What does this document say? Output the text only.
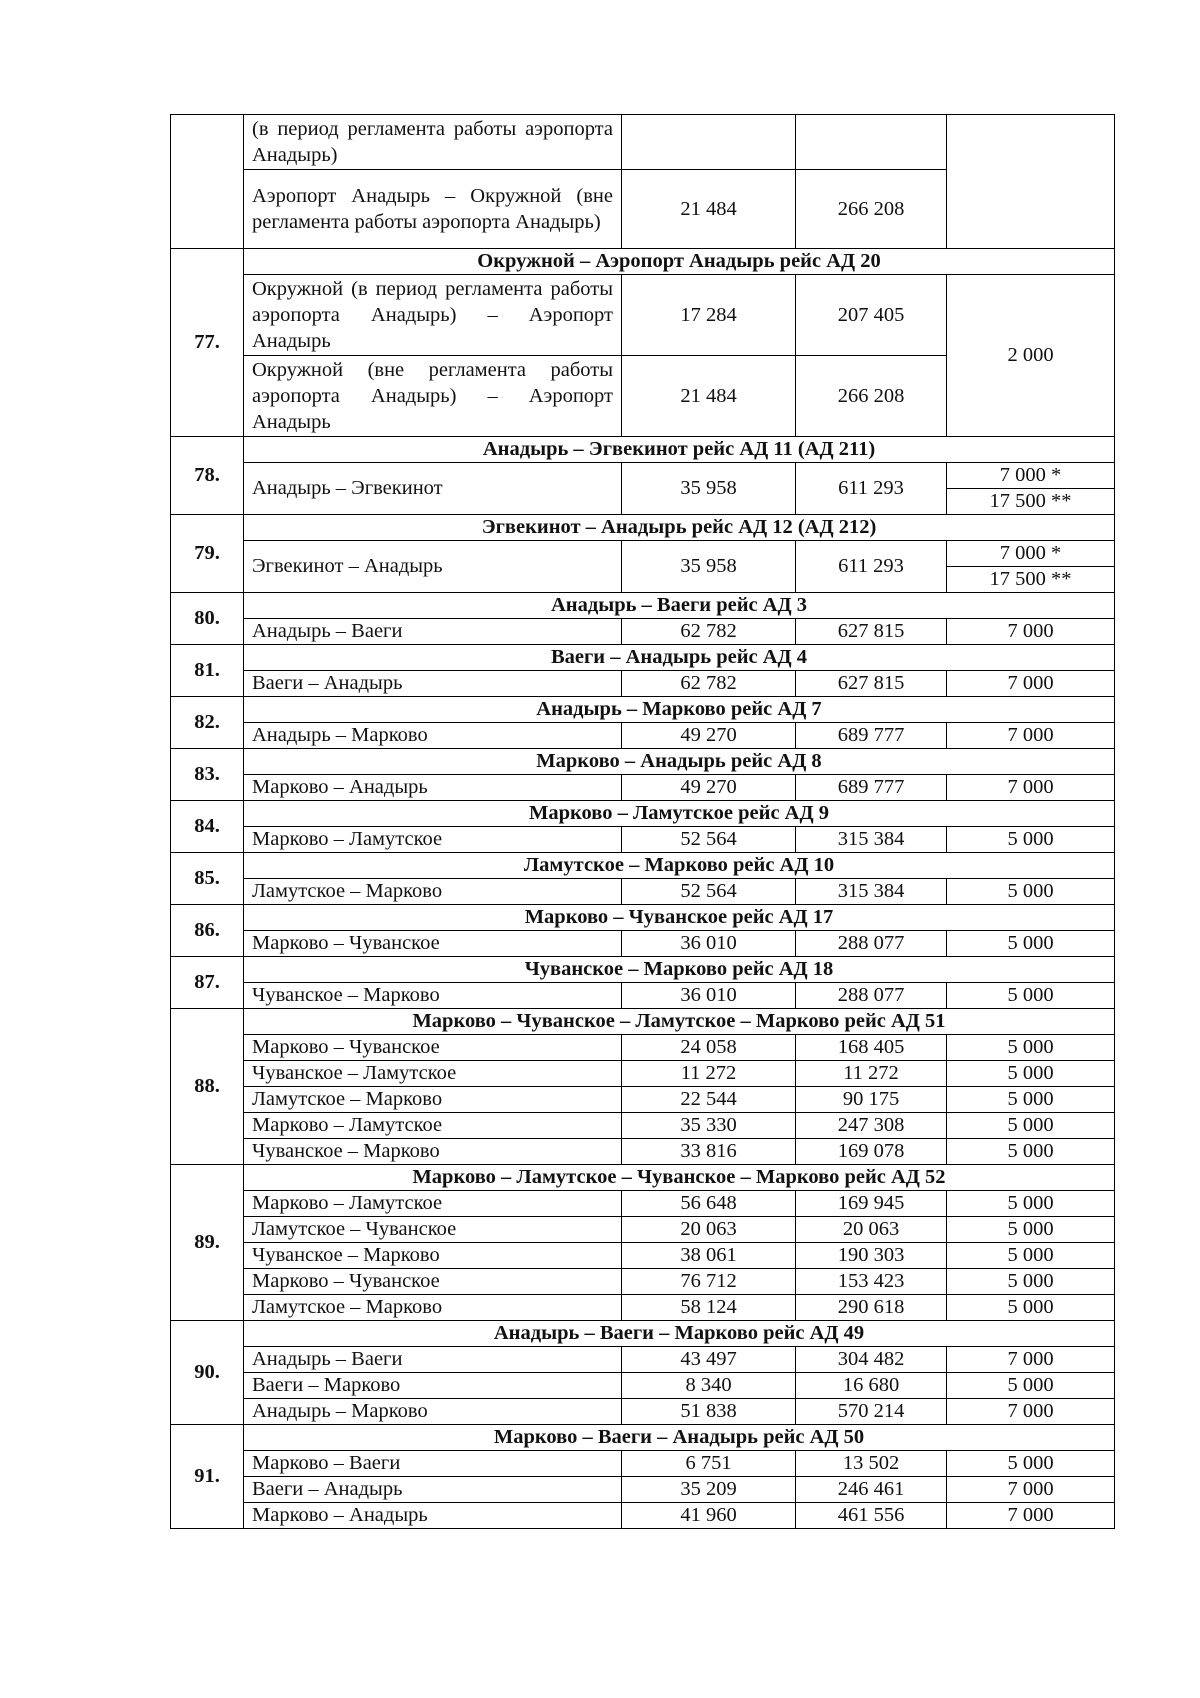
	(в период регламента работы аэропорта Анадырь)			
	Аэропорт Анадырь – Окружной (вне регламента работы аэропорта Анадырь)	21 484	266 208	
77.	Окружной – Аэропорт Анадырь рейс АД 20			
	Окружной (в период регламента работы аэропорта Анадырь) – Аэропорт Анадырь	17 284	207 405	2 000
	Окружной (вне регламента работы аэропорта Анадырь) – Аэропорт Анадырь	21 484	266 208	
78.	Анадырь – Эгвекинот рейс АД 11 (АД 211)			
	Анадырь – Эгвекинот	35 958	611 293	7 000 *
				17 500 **
79.	Эгвекинот – Анадырь рейс АД 12 (АД 212)			
	Эгвекинот – Анадырь	35 958	611 293	7 000 *
				17 500 **
80.	Анадырь – Ваеги рейс АД 3			
	Анадырь – Ваеги	62 782	627 815	7 000
81.	Ваеги – Анадырь рейс АД 4			
	Ваеги – Анадырь	62 782	627 815	7 000
82.	Анадырь – Марково рейс АД 7			
	Анадырь – Марково	49 270	689 777	7 000
83.	Марково – Анадырь рейс АД 8			
	Марково – Анадырь	49 270	689 777	7 000
84.	Марково – Ламутское рейс АД 9			
	Марково – Ламутское	52 564	315 384	5 000
85.	Ламутское – Марково рейс АД 10			
	Ламутское – Марково	52 564	315 384	5 000
86.	Марково – Чуванское рейс АД 17			
	Марково – Чуванское	36 010	288 077	5 000
87.	Чуванское – Марково рейс АД 18			
	Чуванское – Марково	36 010	288 077	5 000
88.	Марково – Чуванское – Ламутское – Марково рейс АД 51			
	Марково – Чуванское	24 058	168 405	5 000
	Чуванское – Ламутское	11 272	11 272	5 000
	Ламутское – Марково	22 544	90 175	5 000
	Марково – Ламутское	35 330	247 308	5 000
	Чуванское – Марково	33 816	169 078	5 000
89.	Марково – Ламутское – Чуванское – Марково рейс АД 52			
	Марково – Ламутское	56 648	169 945	5 000
	Ламутское – Чуванское	20 063	20 063	5 000
	Чуванское – Марково	38 061	190 303	5 000
	Марково – Чуванское	76 712	153 423	5 000
	Ламутское – Марково	58 124	290 618	5 000
90.	Анадырь – Ваеги – Марково рейс АД 49			
	Анадырь – Ваеги	43 497	304 482	7 000
	Ваеги – Марково	8 340	16 680	5 000
	Анадырь – Марково	51 838	570 214	7 000
91.	Марково – Ваеги – Анадырь рейс АД 50			
	Марково – Ваеги	6 751	13 502	5 000
	Ваеги – Анадырь	35 209	246 461	7 000
	Марково – Анадырь	41 960	461 556	7 000
